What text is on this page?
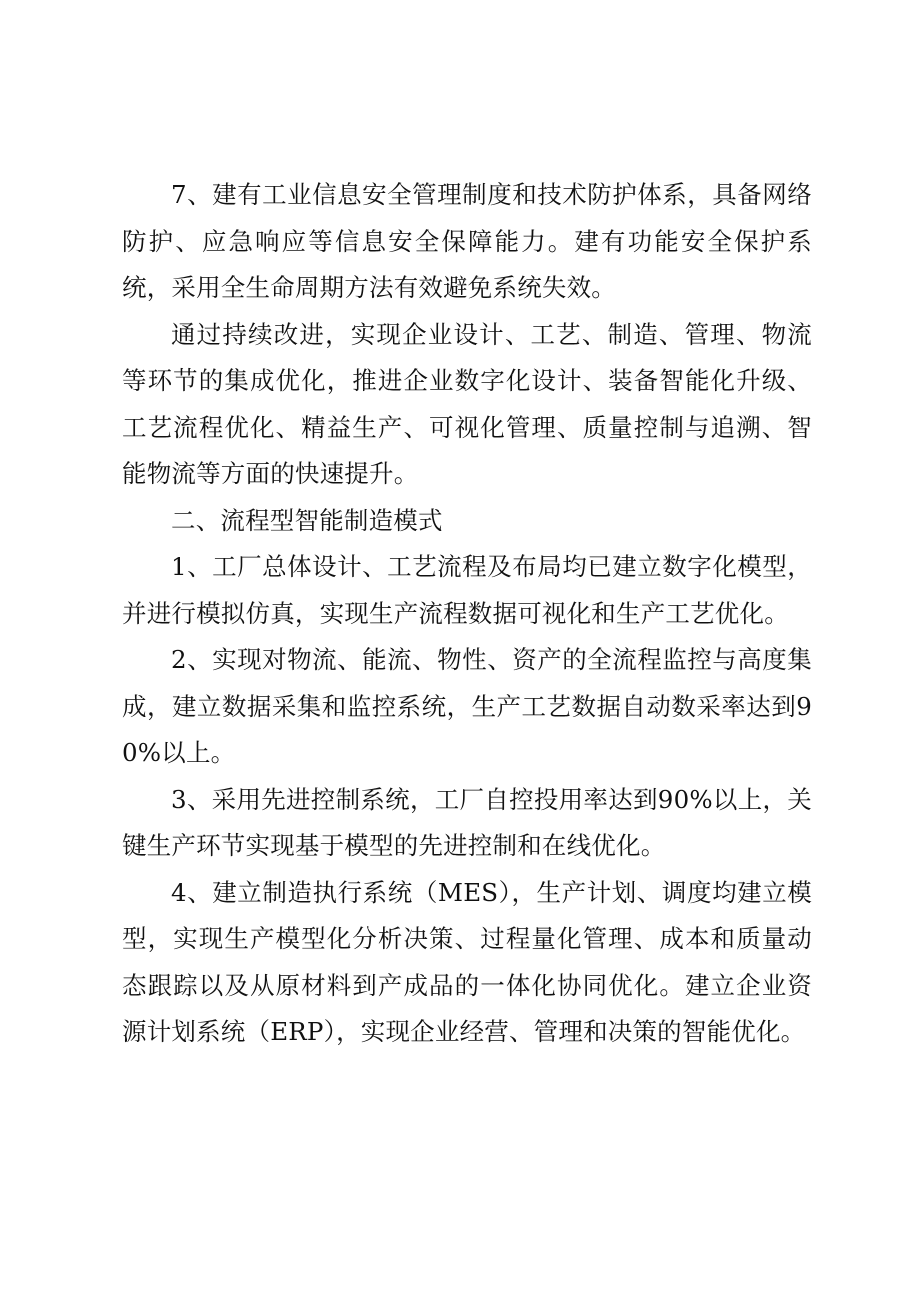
7、建有工业信息安全管理制度和技术防护体系，具备网络防护、应急响应等信息安全保障能力。建有功能安全保护系统，采用全生命周期方法有效避免系统失效。

通过持续改进，实现企业设计、工艺、制造、管理、物流等环节的集成优化，推进企业数字化设计、装备智能化升级、工艺流程优化、精益生产、可视化管理、质量控制与追溯、智能物流等方面的快速提升。

二、流程型智能制造模式

1、工厂总体设计、工艺流程及布局均已建立数字化模型，并进行模拟仿真，实现生产流程数据可视化和生产工艺优化。

2、实现对物流、能流、物性、资产的全流程监控与高度集成，建立数据采集和监控系统，生产工艺数据自动数采率达到90%以上。

3、采用先进控制系统，工厂自控投用率达到90%以上，关键生产环节实现基于模型的先进控制和在线优化。

4、建立制造执行系统（MES），生产计划、调度均建立模型，实现生产模型化分析决策、过程量化管理、成本和质量动态跟踪以及从原材料到产成品的一体化协同优化。建立企业资源计划系统（ERP），实现企业经营、管理和决策的智能优化。
